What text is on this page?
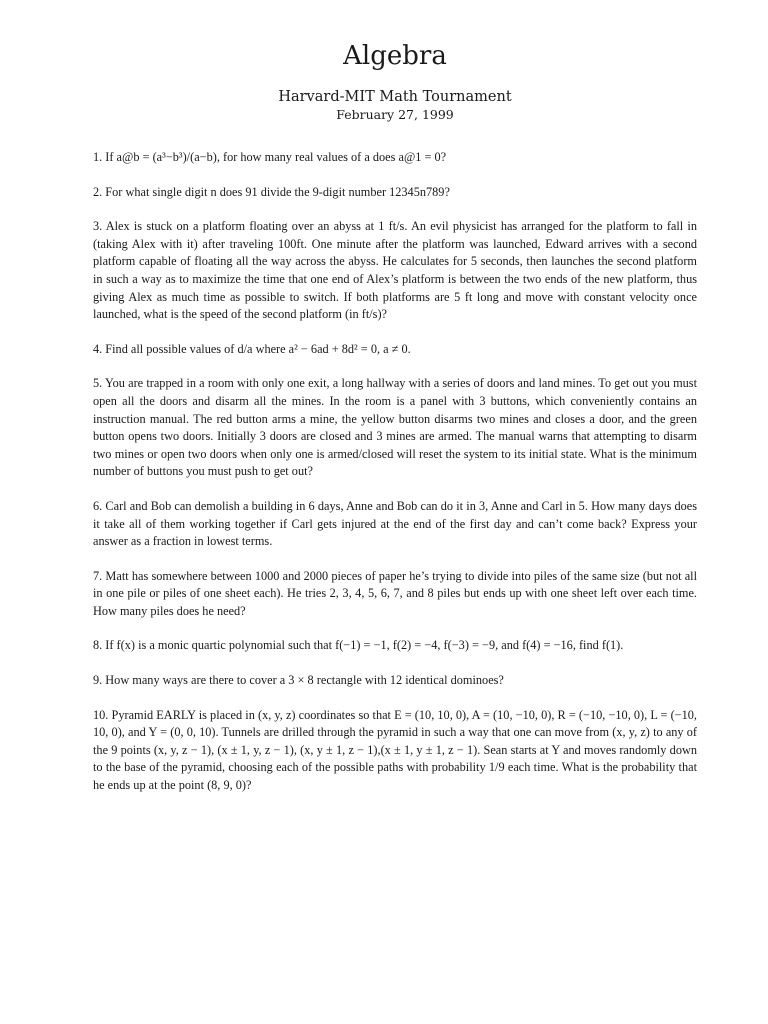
Algebra
Harvard-MIT Math Tournament
February 27, 1999

1. If a@b = (a³−b³)/(a−b), for how many real values of a does a@1 = 0?

2. For what single digit n does 91 divide the 9-digit number 12345n789?

3. Alex is stuck on a platform floating over an abyss at 1 ft/s. An evil physicist has arranged for the platform to fall in (taking Alex with it) after traveling 100ft. One minute after the platform was launched, Edward arrives with a second platform capable of floating all the way across the abyss. He calculates for 5 seconds, then launches the second platform in such a way as to maximize the time that one end of Alex’s platform is between the two ends of the new platform, thus giving Alex as much time as possible to switch. If both platforms are 5 ft long and move with constant velocity once launched, what is the speed of the second platform (in ft/s)?

4. Find all possible values of d/a where a² − 6ad + 8d² = 0, a ≠ 0.

5. You are trapped in a room with only one exit, a long hallway with a series of doors and land mines. To get out you must open all the doors and disarm all the mines. In the room is a panel with 3 buttons, which conveniently contains an instruction manual. The red button arms a mine, the yellow button disarms two mines and closes a door, and the green button opens two doors. Initially 3 doors are closed and 3 mines are armed. The manual warns that attempting to disarm two mines or open two doors when only one is armed/closed will reset the system to its initial state. What is the minimum number of buttons you must push to get out?

6. Carl and Bob can demolish a building in 6 days, Anne and Bob can do it in 3, Anne and Carl in 5. How many days does it take all of them working together if Carl gets injured at the end of the first day and can’t come back? Express your answer as a fraction in lowest terms.

7. Matt has somewhere between 1000 and 2000 pieces of paper he’s trying to divide into piles of the same size (but not all in one pile or piles of one sheet each). He tries 2, 3, 4, 5, 6, 7, and 8 piles but ends up with one sheet left over each time. How many piles does he need?

8. If f(x) is a monic quartic polynomial such that f(−1) = −1, f(2) = −4, f(−3) = −9, and f(4) = −16, find f(1).

9. How many ways are there to cover a 3 × 8 rectangle with 12 identical dominoes?

10. Pyramid EARLY is placed in (x, y, z) coordinates so that E = (10, 10, 0), A = (10, −10, 0), R = (−10, −10, 0), L = (−10, 10, 0), and Y = (0, 0, 10). Tunnels are drilled through the pyramid in such a way that one can move from (x, y, z) to any of the 9 points (x, y, z − 1), (x ± 1, y, z − 1), (x, y ± 1, z − 1),(x ± 1, y ± 1, z − 1). Sean starts at Y and moves randomly down to the base of the pyramid, choosing each of the possible paths with probability 1/9 each time. What is the probability that he ends up at the point (8, 9, 0)?
